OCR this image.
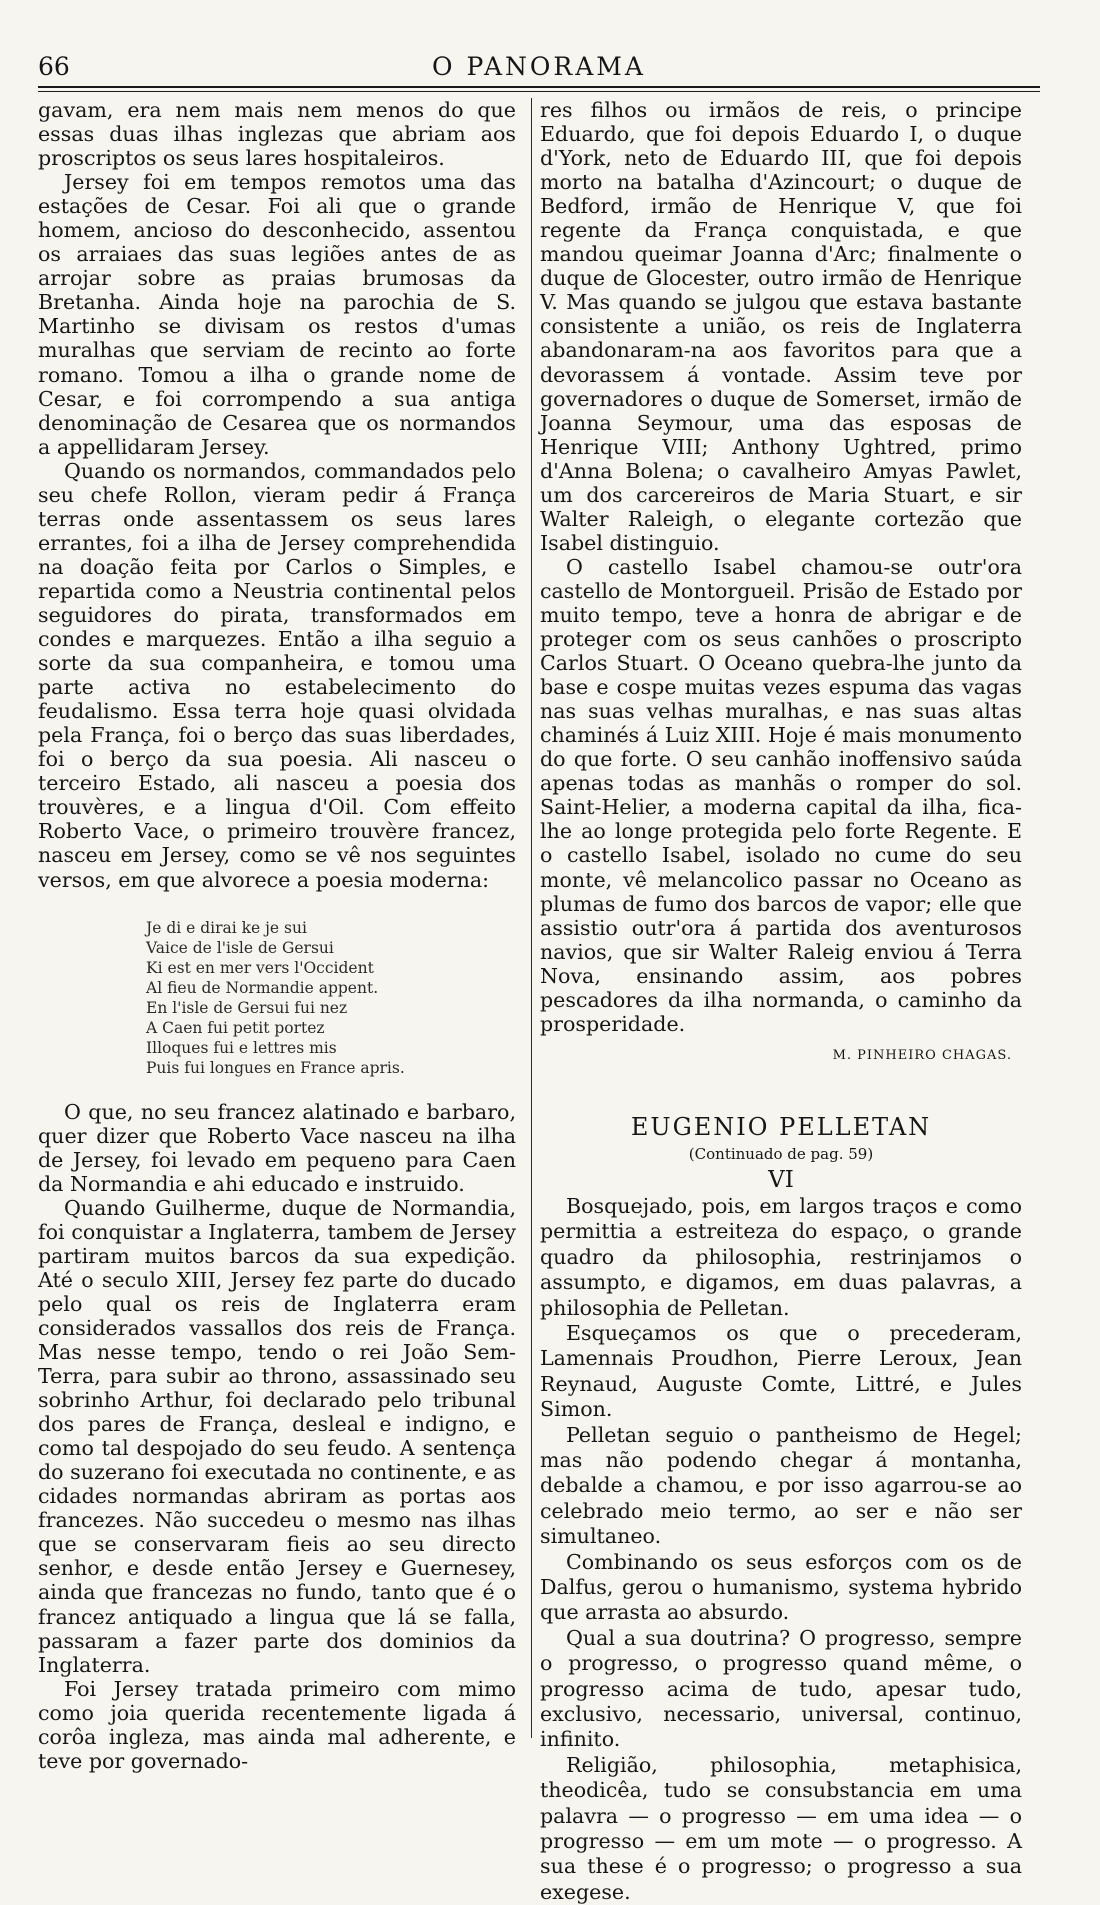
66	O PANORAMA

gavam, era nem mais nem menos do que essas duas ilhas inglezas que abriam aos proscriptos os seus lares hospitaleiros.

Jersey foi em tempos remotos uma das estações de Cesar. Foi ali que o grande homem, ancioso do desconhecido, assentou os arraiaes das suas legiões antes de as arrojar sobre as praias brumosas da Bretanha. Ainda hoje na parochia de S. Martinho se divisam os restos d'umas muralhas que serviam de recinto ao forte romano. Tomou a ilha o grande nome de Cesar, e foi corrompendo a sua antiga denominação de Cesarea que os normandos a appellidaram Jersey.

Quando os normandos, commandados pelo seu chefe Rollon, vieram pedir á França terras onde assentassem os seus lares errantes, foi a ilha de Jersey comprehendida na doação feita por Carlos o Simples, e repartida como a Neustria continental pelos seguidores do pirata, transformados em condes e marquezes. Então a ilha seguio a sorte da sua companheira, e tomou uma parte activa no estabelecimento do feudalismo. Essa terra hoje quasi olvidada pela França, foi o berço das suas liberdades, foi o berço da sua poesia. Ali nasceu o terceiro Estado, ali nasceu a poesia dos trouvères, e a lingua d'Oil. Com effeito Roberto Vace, o primeiro trouvère francez, nasceu em Jersey, como se vê nos seguintes versos, em que alvorece a poesia moderna:

Je di e dirai ke je sui
Vaice de l'isle de Gersui
Ki est en mer vers l'Occident
Al fieu de Normandie appent.
En l'isle de Gersui fui nez
A Caen fui petit portez
Illoques fui e lettres mis
Puis fui longues en France apris.

O que, no seu francez alatinado e barbaro, quer dizer que Roberto Vace nasceu na ilha de Jersey, foi levado em pequeno para Caen da Normandia e ahi educado e instruido.

Quando Guilherme, duque de Normandia, foi conquistar a Inglaterra, tambem de Jersey partiram muitos barcos da sua expedição. Até o seculo XIII, Jersey fez parte do ducado pelo qual os reis de Inglaterra eram considerados vassallos dos reis de França. Mas nesse tempo, tendo o rei João Sem-Terra, para subir ao throno, assassinado seu sobrinho Arthur, foi declarado pelo tribunal dos pares de França, desleal e indigno, e como tal despojado do seu feudo. A sentença do suzerano foi executada no continente, e as cidades normandas abriram as portas aos francezes. Não succedeu o mesmo nas ilhas que se conservaram fieis ao seu directo senhor, e desde então Jersey e Guernesey, ainda que francezas no fundo, tanto que é o francez antiquado a lingua que lá se falla, passaram a fazer parte dos dominios da Inglaterra.

Foi Jersey tratada primeiro com mimo como joia querida recentemente ligada á corôa ingleza, mas ainda mal adherente, e teve por governado-

res filhos ou irmãos de reis, o principe Eduardo, que foi depois Eduardo I, o duque d'York, neto de Eduardo III, que foi depois morto na batalha d'Azincourt; o duque de Bedford, irmão de Henrique V, que foi regente da França conquistada, e que mandou queimar Joanna d'Arc; finalmente o duque de Glocester, outro irmão de Henrique V. Mas quando se julgou que estava bastante consistente a união, os reis de Inglaterra abandonaram-na aos favoritos para que a devorassem á vontade. Assim teve por governadores o duque de Somerset, irmão de Joanna Seymour, uma das esposas de Henrique VIII; Anthony Ughtred, primo d'Anna Bolena; o cavalheiro Amyas Pawlet, um dos carcereiros de Maria Stuart, e sir Walter Raleigh, o elegante cortezão que Isabel distinguio.

O castello Isabel chamou-se outr'ora castello de Montorgueil. Prisão de Estado por muito tempo, teve a honra de abrigar e de proteger com os seus canhões o proscripto Carlos Stuart. O Oceano quebra-lhe junto da base e cospe muitas vezes espuma das vagas nas suas velhas muralhas, e nas suas altas chaminés á Luiz XIII. Hoje é mais monumento do que forte. O seu canhão inoffensivo saúda apenas todas as manhãs o romper do sol. Saint-Helier, a moderna capital da ilha, fica-lhe ao longe protegida pelo forte Regente. E o castello Isabel, isolado no cume do seu monte, vê melancolico passar no Oceano as plumas de fumo dos barcos de vapor; elle que assistio outr'ora á partida dos aventurosos navios, que sir Walter Raleig enviou á Terra Nova, ensinando assim, aos pobres pescadores da ilha normanda, o caminho da prosperidade.

M. PINHEIRO CHAGAS.
EUGENIO PELLETAN
(Continuado de pag. 59)
VI

Bosquejado, pois, em largos traços e como permittia a estreiteza do espaço, o grande quadro da philosophia, restrinjamos o assumpto, e digamos, em duas palavras, a philosophia de Pelletan.

Esqueçamos os que o precederam, Lamennais Proudhon, Pierre Leroux, Jean Reynaud, Auguste Comte, Littré, e Jules Simon.

Pelletan seguio o pantheismo de Hegel; mas não podendo chegar á montanha, debalde a chamou, e por isso agarrou-se ao celebrado meio termo, ao ser e não ser simultaneo.

Combinando os seus esforços com os de Dalfus, gerou o humanismo, systema hybrido que arrasta ao absurdo.

Qual a sua doutrina? O progresso, sempre o progresso, o progresso quand même, o progresso acima de tudo, apesar tudo, exclusivo, necessario, universal, continuo, infinito.

Religião, philosophia, metaphisica, theodicêa, tudo se consubstancia em uma palavra — o progresso — em uma idea — o progresso — em um mote — o progresso. A sua these é o progresso; o progresso a sua exegese.
